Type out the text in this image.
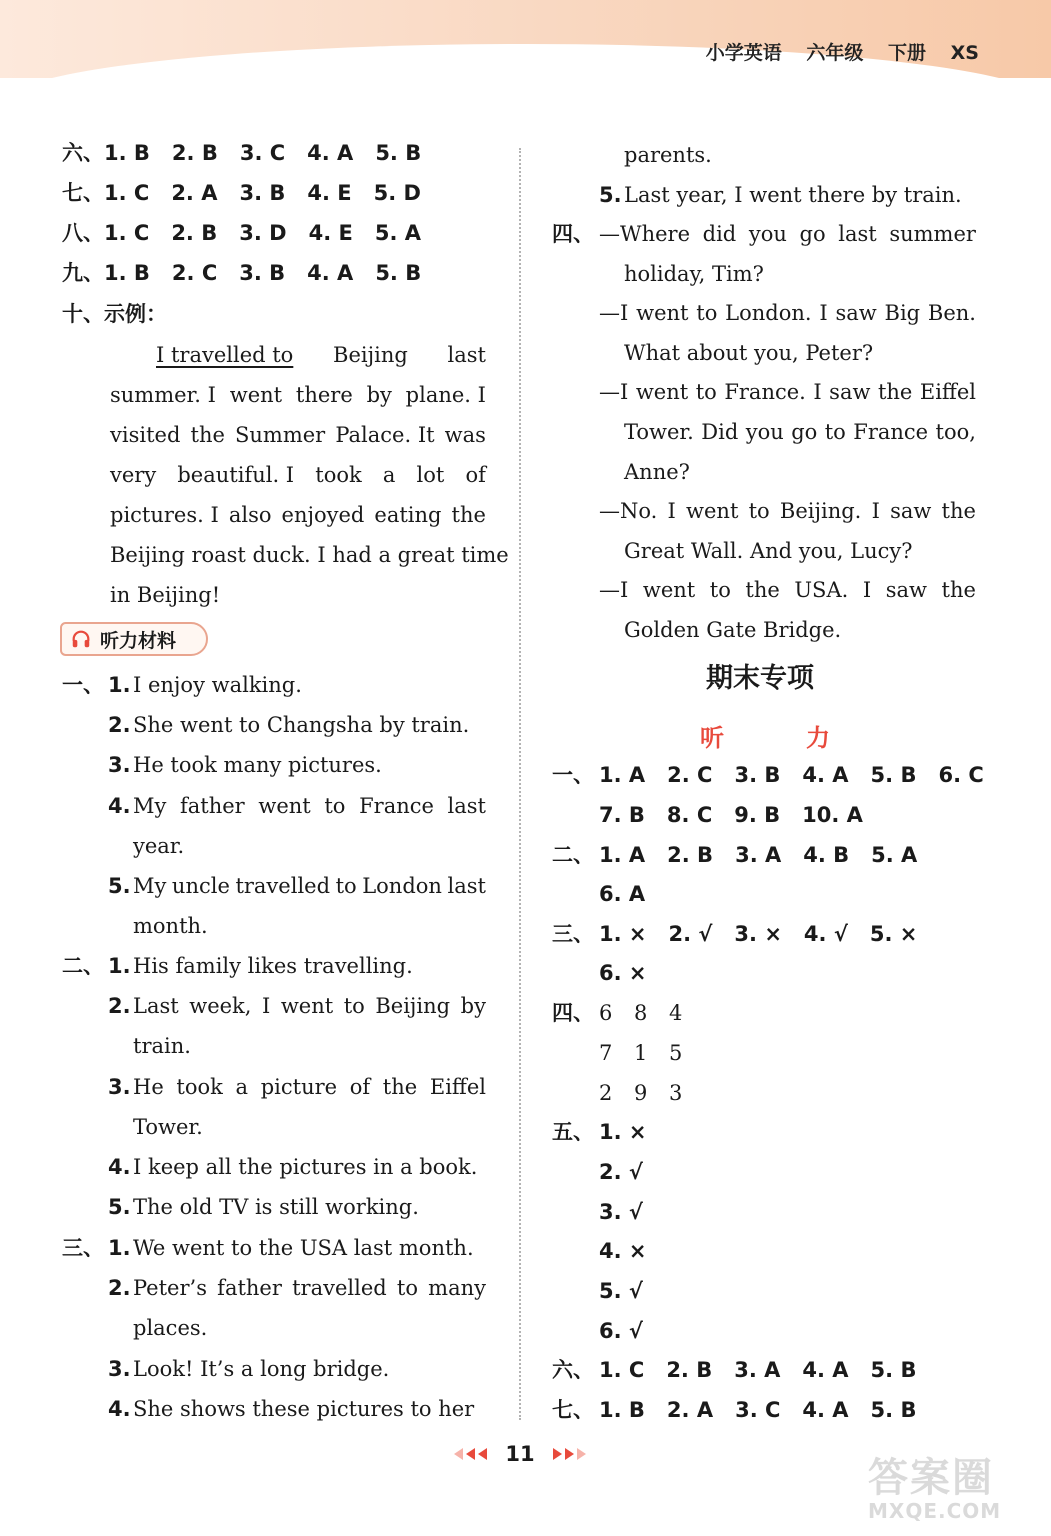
小学英语 六年级 下册 XS
六、1. B 2. B 3. C 4. A 5. B
七、1. C 2. A 3. B 4. E 5. D
八、1. C 2. B 3. D 4. E 5. A
九、1. B 2. C 3. B 4. A 5. B
十、示例：
I travelled to Beijing last
summer. I went there by plane. I
visited the Summer Palace. It was
very beautiful. I took a lot of
pictures. I also enjoyed eating the
Beijing roast duck. I had a great time
in Beijing!
听力材料
一、 1. I enjoy walking.
2. She went to Changsha by train.
3. He took many pictures.
4. My father went to France last
year.
5. My uncle travelled to London last
month.
二、 1. His family likes travelling.
2. Last week, I went to Beijing by
train.
3. He took a picture of the Eiffel
Tower.
4. I keep all the pictures in a book.
5. The old TV is still working.
三、 1. We went to the USA last month.
2. Peter’s father travelled to many
places.
3. Look! It’s a long bridge.
4. She shows these pictures to her
parents.
5. Last year, I went there by train.
四、 —Where did you go last summer
holiday, Tim?
—I went to London. I saw Big Ben.
What about you, Peter?
—I went to France. I saw the Eiffel
Tower. Did you go to France too,
Anne?
—No. I went to Beijing. I saw the
Great Wall. And you, Lucy?
—I went to the USA. I saw the
Golden Gate Bridge.
期末专项
听	力
一、 1. A 2. C 3. B 4. A 5. B 6. C
7. B 8. C 9. B 10. A
二、 1. A 2. B 3. A 4. B 5. A
6. A
三、 1. × 2. √ 3. × 4. √ 5. ×
6. ×
四、 6 8 4
7 1 5
2 9 3
五、 1. ×
2. √
3. √
4. ×
5. √
6. √
六、 1. C 2. B 3. A 4. A 5. B
七、 1. B 2. A 3. C 4. A 5. B
11
答案圈
MXQE.COM
